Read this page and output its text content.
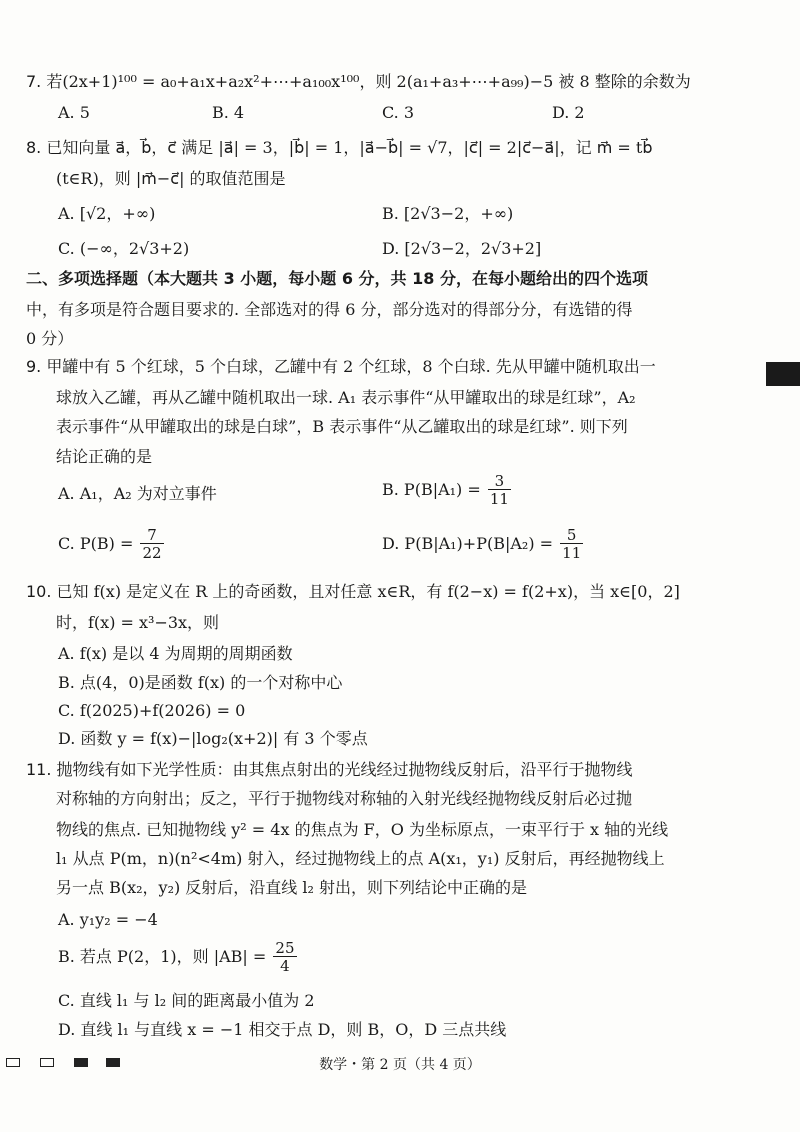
7. 若(2x+1)¹⁰⁰ = a₀+a₁x+a₂x²+⋯+a₁₀₀x¹⁰⁰，则 2(a₁+a₃+⋯+a₉₉)−5 被 8 整除的余数为
A. 5	B. 4	C. 3	D. 2
8. 已知向量 a⃗，b⃗，c⃗ 满足 |a⃗| = 3，|b⃗| = 1，|a⃗−b⃗| = √7，|c⃗| = 2|c⃗−a⃗|，记 m⃗ = tb⃗
(t∈R)，则 |m⃗−c⃗| 的取值范围是
A. [√2，+∞)	B. [2√3−2，+∞)
C. (−∞，2√3+2)	D. [2√3−2，2√3+2]
二、多项选择题（本大题共 3 小题，每小题 6 分，共 18 分，在每小题给出的四个选项
中，有多项是符合题目要求的. 全部选对的得 6 分，部分选对的得部分分，有选错的得
0 分）
9. 甲罐中有 5 个红球，5 个白球，乙罐中有 2 个红球，8 个白球. 先从甲罐中随机取出一
球放入乙罐，再从乙罐中随机取出一球. A₁ 表示事件“从甲罐取出的球是红球”，A₂
表示事件“从甲罐取出的球是白球”，B 表示事件“从乙罐取出的球是红球”. 则下列
结论正确的是
A. A₁，A₂ 为对立事件	B. $P(B|A_1) = \frac{3}{11}$
C. $P(B) = \frac{7}{22}$	D. $P(B|A_1)+P(B|A_2) = \frac{5}{11}$
10. 已知 f(x) 是定义在 R 上的奇函数，且对任意 x∈R，有 f(2−x) = f(2+x)，当 x∈[0，2]
时，f(x) = x³−3x，则
A. f(x) 是以 4 为周期的周期函数
B. 点(4，0)是函数 f(x) 的一个对称中心
C. f(2025)+f(2026) = 0
D. 函数 y = f(x)−|log₂(x+2)| 有 3 个零点
11. 抛物线有如下光学性质：由其焦点射出的光线经过抛物线反射后，沿平行于抛物线
对称轴的方向射出；反之，平行于抛物线对称轴的入射光线经抛物线反射后必过抛
物线的焦点. 已知抛物线 y² = 4x 的焦点为 F，O 为坐标原点，一束平行于 x 轴的光线
l₁ 从点 P(m，n)(n²<4m) 射入，经过抛物线上的点 A(x₁，y₁) 反射后，再经抛物线上
另一点 B(x₂，y₂) 反射后，沿直线 l₂ 射出，则下列结论中正确的是
A. y₁y₂ = −4
B. 若点 P(2，1)，则 $|AB| = \frac{25}{4}$
C. 直线 l₁ 与 l₂ 间的距离最小值为 2
D. 直线 l₁ 与直线 x = −1 相交于点 D，则 B，O，D 三点共线
数学・第 2 页（共 4 页）
